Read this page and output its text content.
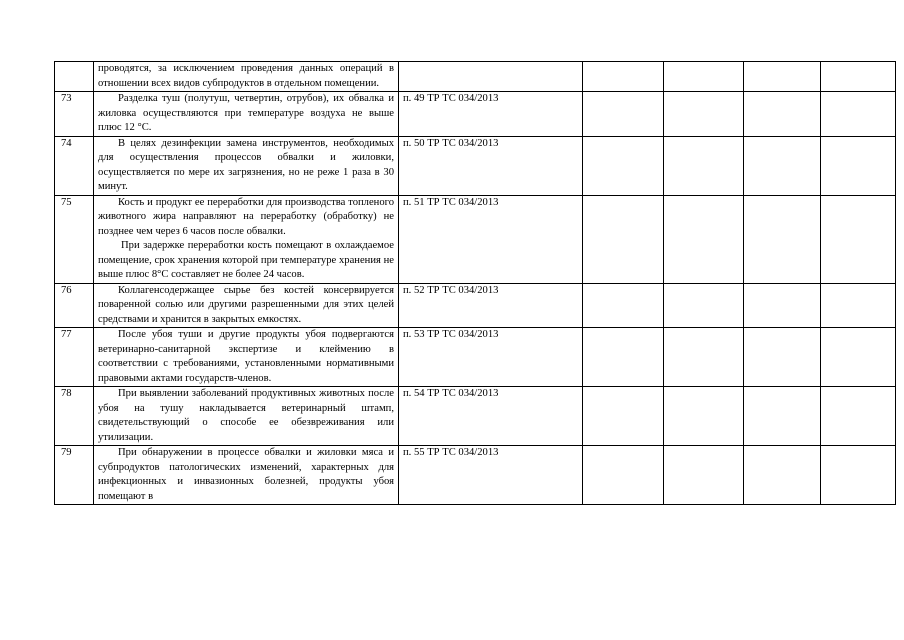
	проводятся, за исключением проведения данных операций в отношении всех видов субпродуктов в отдельном помещении.					

73	Разделка туш (полутуш, четвертин, отрубов), их обвалка и жиловка осуществляются при температуре воздуха не выше плюс 12 °С.	п. 49 ТР ТС 034/2013				
74	В целях дезинфекции замена инструментов, необходимых для осуществления процессов обвалки и жиловки, осуществляется по мере их загрязнения, но не реже 1 раза в 30 минут.	п. 50 ТР ТС 034/2013				
75	Кость и продукт ее переработки для производства топленого животного жира направляют на переработку (обработку) не позднее чем через 6 часов после обвалки.
При задержке переработки кость помещают в охлаждаемое помещение, срок хранения которой при температуре хранения не выше плюс 8°С составляет не более 24 часов.	п. 51 ТР ТС 034/2013				
76	Коллагенсодержащее сырье без костей консервируется поваренной солью или другими разрешенными для этих целей средствами и хранится в закрытых емкостях.	п. 52 ТР ТС 034/2013				
77	После убоя туши и другие продукты убоя подвергаются ветеринарно-санитарной экспертизе и клеймению в соответствии с требованиями, установленными нормативными правовыми актами государств-членов.	п. 53 ТР ТС 034/2013				
78	При выявлении заболеваний продуктивных животных после убоя на тушу накладывается ветеринарный штамп, свидетельствующий о способе ее обезвреживания или утилизации.	п. 54 ТР ТС 034/2013				
79	При обнаружении в процессе обвалки и жиловки мяса и субпродуктов патологических изменений, характерных для инфекционных и инвазионных болезней, продукты убоя помещают в	п. 55 ТР ТС 034/2013				
